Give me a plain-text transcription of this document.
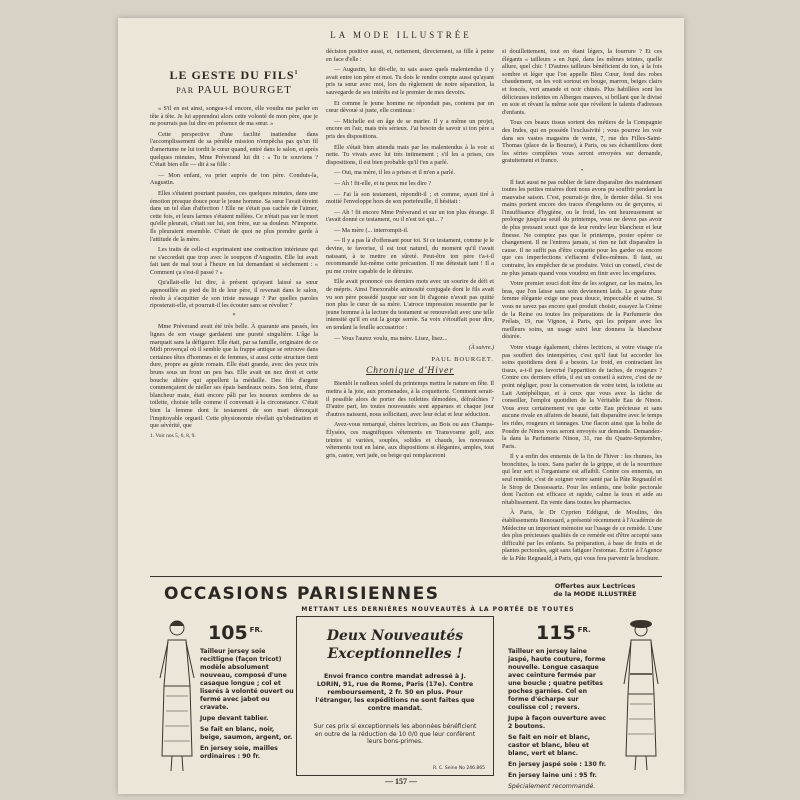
LA MODE ILLUSTRÉE
LE GESTE DU FILS$^1$
PAR PAUL BOURGET

« S'il en est ainsi, songea-t-il encore, elle voudra me parler en tête à tête. Je lui apprendrai alors cette volonté de mon père, que je ne pourrais pas lui dire en présence de ma sœur. »

Cette perspective d'une facilité inattendue dans l'accomplissement de sa pénible mission n'empêcha pas qu'un fil d'amertume ne lui tordit le cœur quand, entré dans le salon, et après quelques minutes, Mme Préverand lui dit : « Tu te souviens ? C'était bien elle — dit à sa fille :

— Mon enfant, va prier auprès de ton père. Conduis-la, Augustin.

Elles s'étaient pourtant passées, ces quelques minutes, dans une émotion presque douce pour le jeune homme. Sa sœur l'avait étreint dans un tel élan d'affection ! Elle ne s'était pas cachée de l'aimer, cette fois, et leurs larmes s'étaient mêlées. Ce n'était pas sur le mort qu'elle pleurait, c'était sur lui, son frère, sur sa douleur. N'importe. Ils pleuraient ensemble. C'était de quoi ne plus prendre garde à l'attitude de la mère.

Les traits de celle-ci exprimaient une contraction intérieure qui ne s'accordait que trop avec le soupçon d'Augustin. Elle lui avait fait tant de mal tout à l'heure en lui demandant si sèchement : « Comment ça s'est-il passé ? »

Qu'allait-elle lui dire, à présent qu'ayant laissé sa sœur agenouillée au pied du lit de leur père, il revenait dans le salon, résolu à s'acquitter de son triste message ? Par quelles paroles riposterait-elle, et pourrait-il les écouter sans se révolter ?

*

Mme Préverand avait été très belle. À quarante ans passés, les lignes de son visage gardaient une pureté singulière. L'âge la marquait sans la défigurer. Elle était, par sa famille, originaire de ce Midi provençal où il semble que la frappe antique se retrouve dans certaines têtes d'hommes et de femmes, si aussi cette structure tient dure, propre au génie romain. Elle était grande, avec des yeux très bruns sous un front un peu bas. Elle avait un nez droit et cette bouche altière qui appellent la médaille. Des fils d'argent commençaient de nieller ses épais bandeaux noirs. Son teint, d'une blancheur mate, était encore pâli par les noueux sombres de sa toilette, choisie telle comme il convenait à la circonstance. C'était bien la femme dont le testament de son mari dénonçait l'impitoyable orgueil. Cette physionomie révélait qu'obstination et que sévérité, que

1. Voir nos 5, 6, 8, 9.

décision positive aussi, et, nettement, directement, sa fille à peine en face d'elle :

— Augustin, lui dit-elle, tu sais assez quels malentendus il y avait entre ton père et moi. Tu dois le rendre compte aussi qu'ayant pris ta sœur avec moi, lors du règlement de notre séparation, la sauvegarde de ses intérêts est le premier de mes devoirs.

Et comme le jeune homme ne répondait pas, contenu par un cœur dévoué si juste, elle continua :

— Michelle est en âge de se marier. Il y a même un projet, encore en l'air, mais très sérieux. J'ai besoin de savoir si ton père a pris des dispositions.

Elle s'était bien attendu mais par les malentendus à la voir si nette. Tu vivais avec lui très intimement ; s'il les a prises, ces dispositions, il est bien probable qu'il t'en a parlé.

— Oui, ma mère, il les a prises et il m'en a parlé.

— Ah ! fit-elle, et tu peux me les dire ?

— J'ai là son testament, répondit-il ; et comme, ayant tiré à moitié l'enveloppe hors de son portefeuille, il hésitait :

— Ah ! fit encore Mme Préverand et sur un ton plus étrange. Il t'avait donné ce testament, ou il n'est toi qui... ?

— Ma mère (... interrompit-il.

— Il y a pas là d'offensant pour toi. Si ce testament, comme je le devine, te favorise, il est tout naturel, du moment qu'il t'avait naissant, à te mettre en sûreté. Peut-être ton père t'a-t-il recommandé lui-même cette précaution. Il me détestait tant ! Il a pu me croire capable de le détruire.

Elle avait prononcé ces derniers mots avec un sourire de défi et de mépris. Ainsi l'inexorable animosité conjugale dont le fils avait vu son père possédé jusque sur son lit d'agonie n'avait pas quitté non plus le cœur de sa mère. L'atroce impression ressentie par le jeune homme à la lecture du testament se renouvelait avec une telle intensité qu'il en eut la gorge serrée. Sa voix s'étouffait pour dire, en tendant la feuille accusatrice :

— Vous l'aurez voulu, ma mère. Lisez, lisez...

(À suivre.)

PAUL BOURGET.

Chronique d'Hiver

Bientôt le radieux soleil du printemps mettra le nature en fête. Il mettra à la joie, aux promenades, à la coquetterie. Comment serait-il possible alors de porter des toilettes démodées, défraîchies ? D'autre part, les toutes nouveautés sont apparues et chaque jour d'autres naissent, nous sollicitant, avec leur éclat et leur séduction.

Avez-vous remarqué, chères lectrices, au Bois ou aux Champs-Élysées, ces magnifiques vêtements en Transvosme golf, aux teintes si variées, souples, solides et chauds, les nouveaux vêtements tout en laine, aux dispositions si élégantes, amples, tout gris, castor, vert jade, ou beige qui remplaceront

si douillettement, tout en étant légers, la fourrure ? Et ces élégants « tailleurs » en Jupé, dans les mêmes teintes, quelle allure, quel chic ! D'autres tailleurs bénéficient du ton, à la fois sombre et léger que l'on appelle Bleu Cœur, fond des robes chaudement, on les voit sortout en bouge, marron, beiges clairs et foncés, vert amande et noir chinés. Plus habillées sont les délicieuses toilettes en Alberges mauves, si brillant que le divisé en soie et rêvant la même soie que révèlent le talents d'adresses d'enfants.

Tous ces beaux tissus sortent des métiers de la Compagnie des Indes, qui en possède l'exclusivité ; vous pourrez les voir dans ses vastes magasins de vente, 7, rue des Filles-Saint-Thomas (place de la Bourse), à Paris, ou ses échantillons dont les séries complètes vous seront envoyées sur demande, gratuitement et franco.

•

Il faut aussi ne pas oublier de faire disparaître des maintenant toutes les petites misères dont nous avons pu souffrir pendant la mauvaise saison. C'est, pourrait-je dire, le dernier délai. Si vos mains portent encore des traces d'engelures ou de gerçures, si l'insuffisance d'hygiène, ou le froid, les ont heureusement se prolonge jusqu'au seuil du printemps, vous ne devez pas avoir de plus pressant souci que de leur rendre leur blancheur et leur finesse. Ne comptez pas que le printemps, poster opérer ce changement. Il ne l'entrera jamais, si rien ne fait disparaître la cause. Il ne suffit pas d'être coquette pour les garder ou encore que ces imperfections s'effacent d'elles-mêmes. Il faut, au contraire, les empêcher de se produire. Voici un conseil, c'est de ne plus jamais quand vous voudrez en finir avec les engelures.

Votre premier souci doit être de les soigner, car les mains, les bras, que l'on laisse sans soin deviennent laids. Le geste d'une femme élégante exige une peau douce, impeccable et saine. Si vous ne savez pas encore quel produit choisir, essayez la Crème de la Reine ou toutes les préparations de la Parfumerie des Prélats, 19, rue Vignon, à Paris, qui les prépare avec les meilleurs soins, un usage suivi leur donnera la blancheur désirée.

Votre visage également, chères lectrices, si votre visage n'a pas souffert des intempéries, c'est qu'il faut lui accorder les soins quotidiens dont il a besoin. Le froid, en contractant les tissus, a-t-il pas favorisé l'apparition de taches, de rougeurs ? Contre ces derniers effets, il est un conseil à suivre, c'est de ne point négliger, pour la conservation de votre teint, la toilette au Lait Antéphélique, et à ceux que vous avez la tâche de conseiller, l'emploi quotidien de la Véritable Eau de Ninon. Vous avez certainement vu que cette Eau précieuse et sans aucune rivale en affaires de beauté, fait disparaître avec le temps les rides, rougeurs et tannages. Une flacon ainsi que la boîte de Poudre de Ninon vous seront envoyés sur demande. Demandez-la dans la Parfumerie Ninon, 31, rue du Quatre-Septembre, Paris.

Il y a enfin des ennemis de la fin de l'hiver : les rhumes, les bronchites, la toux. Sans parler de la grippe, et de la nourriture qui leur sert si l'organisme est affaibli. Contre ces ennemis, un seul remède, c'est de soigner votre santé par la Pâte Regnauld et le Sirop de Dessessartz. Pour les enfants, une boîte pectorale dont l'action est efficace et rapide, calme la toux et aide au rétablissement. En vente dans toutes les pharmacies.

À Paris, le Dr Cyprien Eddigrat, de Moulins, des établissements Renouard, a présenté récemment à l'Académie de Médecine un important mémoire sur l'usage de ce remède. L'une des plus précieuses qualités de ce remède est d'être accepté sans difficulté par les enfants. Sa préparation, à base de fruits et de plantes pectorales, agit sans fatiguer l'estomac. Écrire à l'Agence de la Pâte Regnauld, à Paris, qui vous fera parvenir la brochure.

OCCASIONS PARISIENNES	Offertes aux Lectrices
de la MODE ILLUSTRÉE
METTANT LES DERNIÈRES NOUVEAUTÉS À LA PORTÉE DE TOUTES
105 $^{FR.}$

Tailleur jersey soie recitligne (façon tricot) modèle absolument nouveau, composé d'une casaque longue ; col et liserés à volonté ouvert ou fermé avec jabot ou cravate.

Jupe devant tablier.

Se fait en blanc, noir, beige, saumon, argent, or.

En jersey soie, mailles ordinaires : 90 fr.

Deux Nouveautés
Exceptionnelles !
Envoi franco contre mandat adressé à J. LORIN, 91, rue de Rome, Paris (17e). Contre remboursement, 2 fr. 50 en plus. Pour l'étranger, les expéditions ne sont faites que contre mandat.
Sur ces prix si exceptionnels les abonnées bénéficient en outre de la réduction de 10 0/0 que leur confèrent leurs bons-primes.
R. C. Seine No 246.865
115 $^{FR.}$

Tailleur en jersey laine jaspé, haute couture, forme nouvelle. Longue casaque avec ceinture fermée par une boucle ; quatre petites poches garnies. Col en forme d'écharpe sur coulisse col ; revers.

Jupe à façon ouverture avec 2 boutons.

Se fait en noir et blanc, castor et blanc, bleu et blanc, vert et blanc.

En jersey jaspé soie : 130 fr.

En jersey laine uni : 95 fr.

Spécialement recommandé.

— 157 —
